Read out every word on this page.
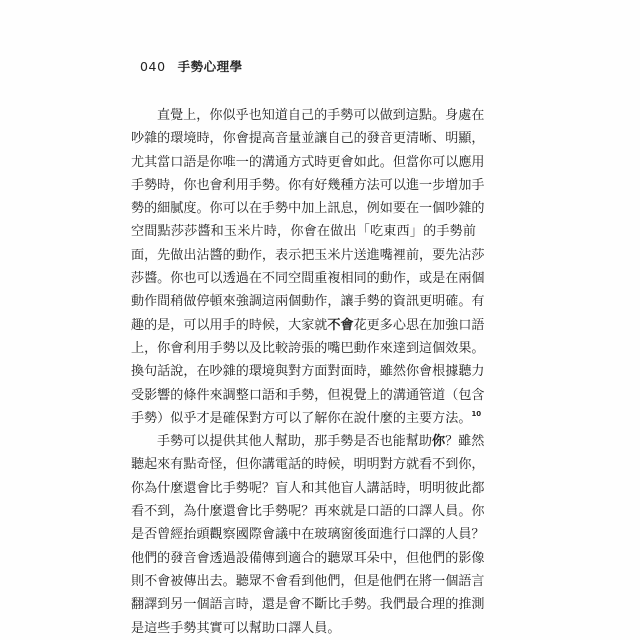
040 手勢心理學
直覺上，你似乎也知道自己的手勢可以做到這點。身處在
吵雜的環境時，你會提高音量並讓自己的發音更清晰、明顯，
尤其當口語是你唯一的溝通方式時更會如此。但當你可以應用
手勢時，你也會利用手勢。你有好幾種方法可以進一步增加手
勢的細膩度。你可以在手勢中加上訊息，例如要在一個吵雜的
空間點莎莎醬和玉米片時，你會在做出「吃東西」的手勢前
面，先做出沾醬的動作，表示把玉米片送進嘴裡前，要先沾莎
莎醬。你也可以透過在不同空間重複相同的動作，或是在兩個
動作間稍做停頓來強調這兩個動作，讓手勢的資訊更明確。有
趣的是，可以用手的時候，大家就不會花更多心思在加強口語
上，你會利用手勢以及比較誇張的嘴巴動作來達到這個效果。
換句話說，在吵雜的環境與對方面對面時，雖然你會根據聽力
受影響的條件來調整口語和手勢，但視覺上的溝通管道（包含
手勢）似乎才是確保對方可以了解你在說什麼的主要方法。$^{10}$
手勢可以提供其他人幫助，那手勢是否也能幫助你？雖然
聽起來有點奇怪，但你講電話的時候，明明對方就看不到你，
你為什麼還會比手勢呢？盲人和其他盲人講話時，明明彼此都
看不到，為什麼還會比手勢呢？再來就是口語的口譯人員。你
是否曾經抬頭觀察國際會議中在玻璃窗後面進行口譯的人員？
他們的發音會透過設備傳到適合的聽眾耳朵中，但他們的影像
則不會被傳出去。聽眾不會看到他們，但是他們在將一個語言
翻譯到另一個語言時，還是會不斷比手勢。我們最合理的推測
是這些手勢其實可以幫助口譯人員。
